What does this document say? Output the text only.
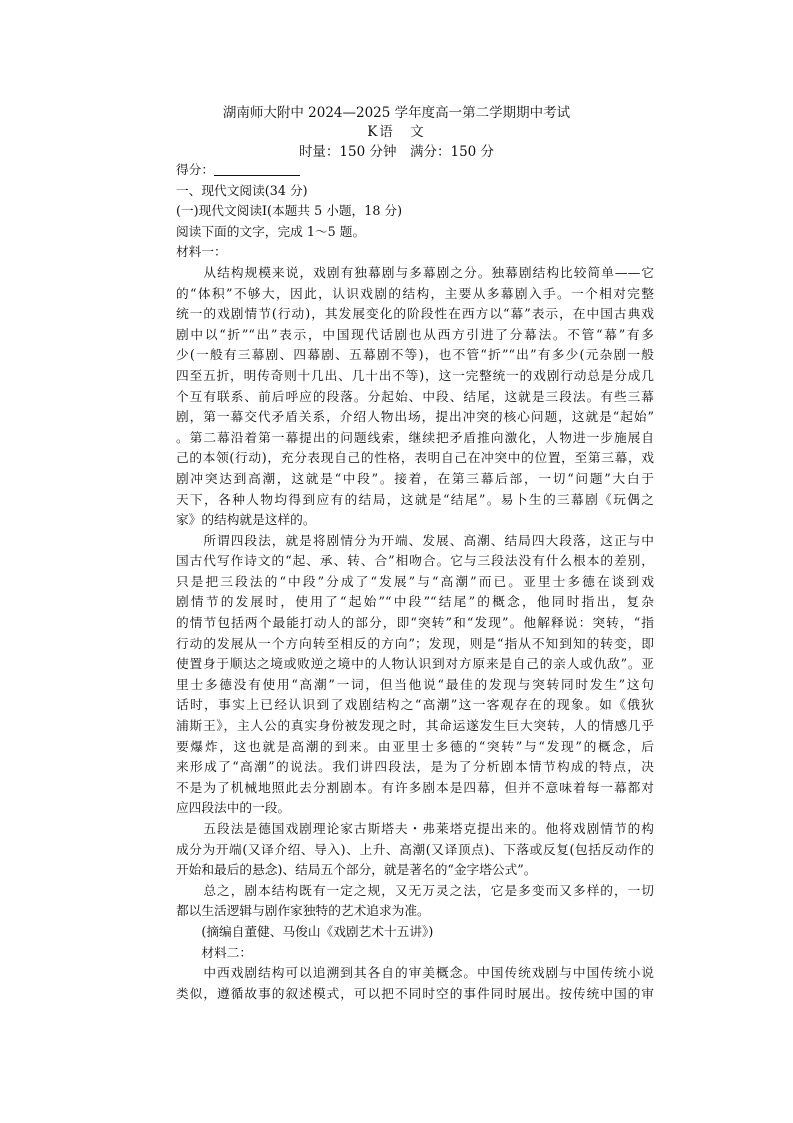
湖南师大附中 2024—2025 学年度高一第二学期期中考试
K语　文
时量：150 分钟　满分：150 分
得分：
一、现代文阅读(34 分)
(一)现代文阅读Ⅰ(本题共 5 小题，18 分)
阅读下面的文字，完成 1～5 题。
材料一：
　　从结构规模来说，戏剧有独幕剧与多幕剧之分。独幕剧结构比较简单——它
的“体积”不够大，因此，认识戏剧的结构，主要从多幕剧入手。一个相对完整
统一的戏剧情节(行动)，其发展变化的阶段性在西方以“幕”表示，在中国古典戏
剧中以“折”“出”表示，中国现代话剧也从西方引进了分幕法。不管“幕”有多
少(一般有三幕剧、四幕剧、五幕剧不等)，也不管“折”“出”有多少(元杂剧一般
四至五折，明传奇则十几出、几十出不等)，这一完整统一的戏剧行动总是分成几
个互有联系、前后呼应的段落。分起始、中段、结尾，这就是三段法。有些三幕
剧，第一幕交代矛盾关系，介绍人物出场，提出冲突的核心问题，这就是“起始”
。第二幕沿着第一幕提出的问题线索，继续把矛盾推向激化，人物进一步施展自
己的本领(行动)，充分表现自己的性格，表明自己在冲突中的位置，至第三幕，戏
剧冲突达到高潮，这就是“中段”。接着，在第三幕后部，一切“问题”大白于
天下，各种人物均得到应有的结局，这就是“结尾”。易卜生的三幕剧《玩偶之
家》的结构就是这样的。
　　所谓四段法，就是将剧情分为开端、发展、高潮、结局四大段落，这正与中
国古代写作诗文的“起、承、转、合”相吻合。它与三段法没有什么根本的差别，
只是把三段法的“中段”分成了“发展”与“高潮”而已。亚里士多德在谈到戏
剧情节的发展时，使用了“起始”“中段”“结尾”的概念，他同时指出，复杂
的情节包括两个最能打动人的部分，即“突转”和“发现”。他解释说：突转，“指
行动的发展从一个方向转至相反的方向”；发现，则是“指从不知到知的转变，即
使置身于顺达之境或败逆之境中的人物认识到对方原来是自己的亲人或仇敌”。亚
里士多德没有使用“高潮”一词，但当他说“最佳的发现与突转同时发生”这句
话时，事实上已经认识到了戏剧结构之“高潮”这一客观存在的现象。如《俄狄
浦斯王》，主人公的真实身份被发现之时，其命运遂发生巨大突转，人的情感几乎
要爆炸，这也就是高潮的到来。由亚里士多德的“突转”与“发现”的概念，后
来形成了“高潮”的说法。我们讲四段法，是为了分析剧本情节构成的特点，决
不是为了机械地照此去分割剧本。有许多剧本是四幕，但并不意味着每一幕都对
应四段法中的一段。
　　五段法是德国戏剧理论家古斯塔夫・弗莱塔克提出来的。他将戏剧情节的构
成分为开端(又译介绍、导入)、上升、高潮(又译顶点)、下落或反复(包括反动作的
开始和最后的悬念)、结局五个部分，就是著名的“金字塔公式”。
　　总之，剧本结构既有一定之规，又无万灵之法，它是多变而又多样的，一切
都以生活逻辑与剧作家独特的艺术追求为准。
　　(摘编自董健、马俊山《戏剧艺术十五讲》)
　　材料二：
　　中西戏剧结构可以追溯到其各自的审美概念。中国传统戏剧与中国传统小说
类似，遵循故事的叙述模式，可以把不同时空的事件同时展出。按传统中国的审
